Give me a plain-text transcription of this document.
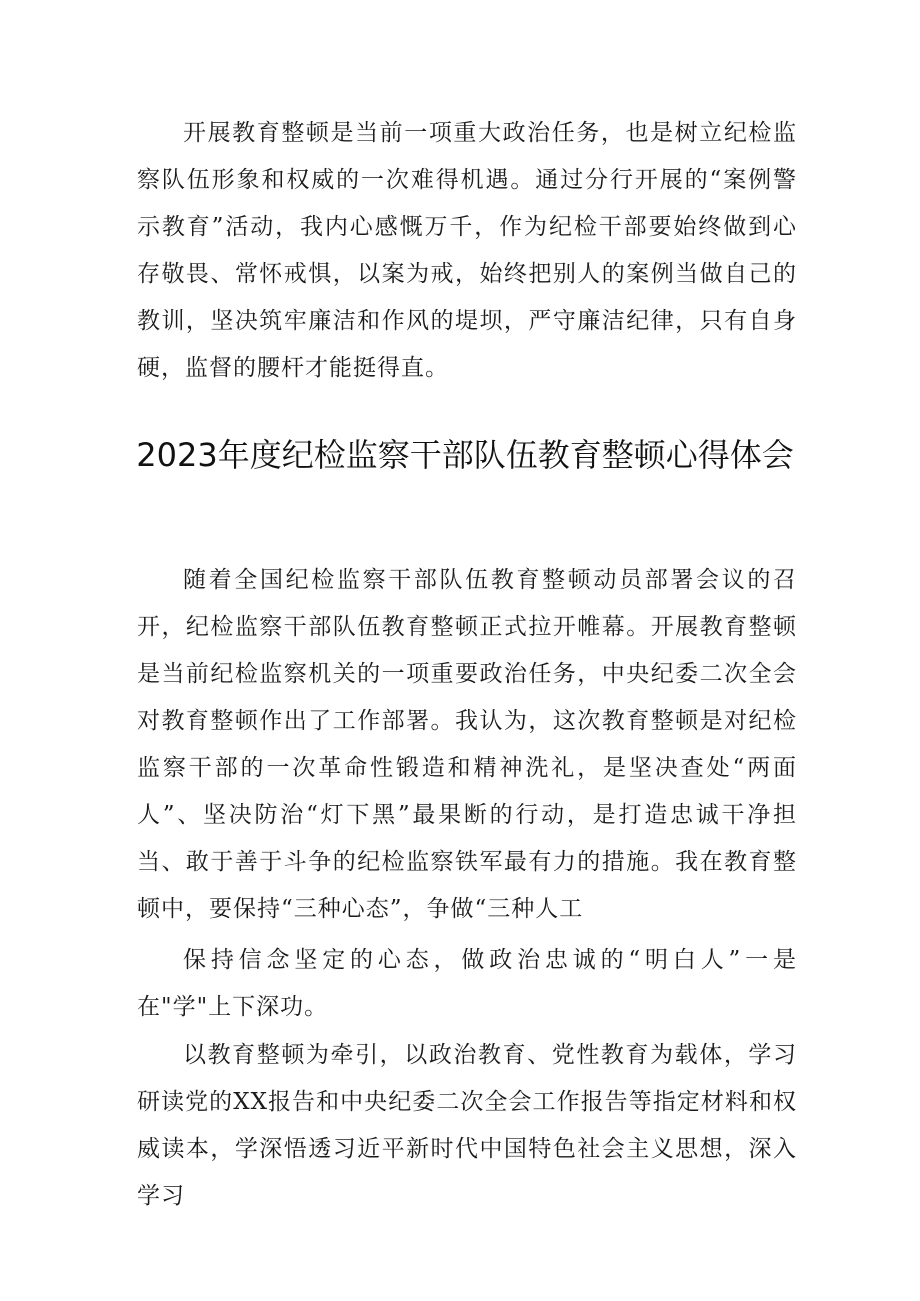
开展教育整顿是当前一项重大政治任务，也是树立纪检监察队伍形象和权威的一次难得机遇。通过分行开展的“案例警示教育”活动，我内心感慨万千，作为纪检干部要始终做到心存敬畏、常怀戒惧，以案为戒，始终把别人的案例当做自己的教训，坚决筑牢廉洁和作风的堤坝，严守廉洁纪律，只有自身硬，监督的腰杆才能挺得直。

2023年度纪检监察干部队伍教育整顿心得体会

随着全国纪检监察干部队伍教育整顿动员部署会议的召开，纪检监察干部队伍教育整顿正式拉开帷幕。开展教育整顿是当前纪检监察机关的一项重要政治任务，中央纪委二次全会对教育整顿作出了工作部署。我认为，这次教育整顿是对纪检监察干部的一次革命性锻造和精神洗礼，是坚决查处“两面人”、坚决防治“灯下黑”最果断的行动，是打造忠诚干净担当、敢于善于斗争的纪检监察铁军最有力的措施。我在教育整顿中，要保持“三种心态”，争做“三种人工

保持信念坚定的心态，做政治忠诚的“明白人”一是在"学"上下深功。

以教育整顿为牵引，以政治教育、党性教育为载体，学习研读党的XX报告和中央纪委二次全会工作报告等指定材料和权威读本，学深悟透习近平新时代中国特色社会主义思想，深入学习
